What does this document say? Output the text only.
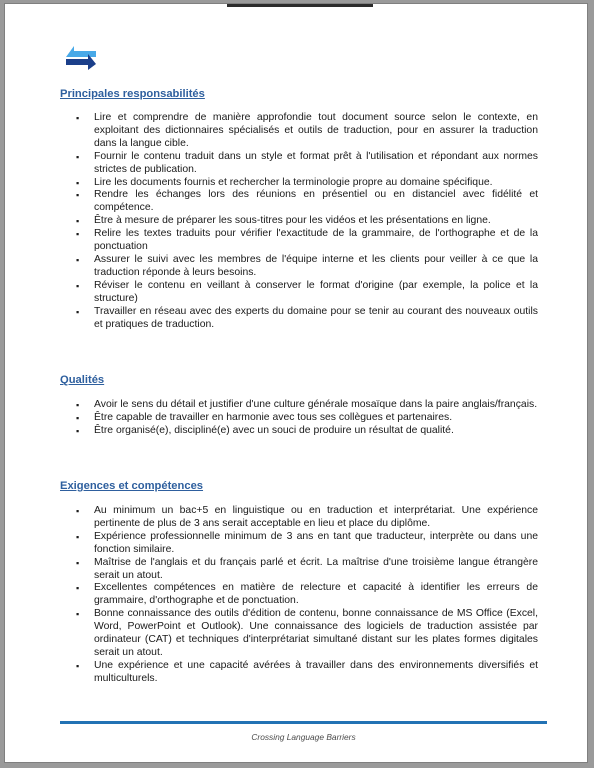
Principales responsabilités
▪ Lire et comprendre de manière approfondie tout document source selon le contexte, en exploitant des dictionnaires spécialisés et outils de traduction, pour en assurer la traduction dans la langue cible.
▪ Fournir le contenu traduit dans un style et format prêt à l'utilisation et répondant aux normes strictes de publication.
▪ Lire les documents fournis et rechercher la terminologie propre au domaine spécifique.
▪ Rendre les échanges lors des réunions en présentiel ou en distanciel avec fidélité et compétence.
▪ Être à mesure de préparer les sous-titres pour les vidéos et les présentations en ligne.
▪ Relire les textes traduits pour vérifier l'exactitude de la grammaire, de l'orthographe et de la ponctuation
▪ Assurer le suivi avec les membres de l'équipe interne et les clients pour veiller à ce que la traduction réponde à leurs besoins.
▪ Réviser le contenu en veillant à conserver le format d'origine (par exemple, la police et la structure)
▪ Travailler en réseau avec des experts du domaine pour se tenir au courant des nouveaux outils et pratiques de traduction.
Qualités
▪ Avoir le sens du détail et justifier d'une culture générale mosaïque dans la paire anglais/français.
▪ Être capable de travailler en harmonie avec tous ses collègues et partenaires.
▪ Être organisé(e), discipliné(e) avec un souci de produire un résultat de qualité.
Exigences et compétences
▪ Au minimum un bac+5 en linguistique ou en traduction et interprétariat. Une expérience pertinente de plus de 3 ans serait acceptable en lieu et place du diplôme.
▪ Expérience professionnelle minimum de 3 ans en tant que traducteur, interprète ou dans une fonction similaire.
▪ Maîtrise de l'anglais et du français parlé et écrit. La maîtrise d'une troisième langue étrangère serait un atout.
▪ Excellentes compétences en matière de relecture et capacité à identifier les erreurs de grammaire, d'orthographe et de ponctuation.
▪ Bonne connaissance des outils d'édition de contenu, bonne connaissance de MS Office (Excel, Word, PowerPoint et Outlook). Une connaissance des logiciels de traduction assistée par ordinateur (CAT) et techniques d'interprétariat simultané distant sur les plates formes digitales serait un atout.
▪ Une expérience et une capacité avérées à travailler dans des environnements diversifiés et multiculturels.
Crossing Language Barriers
